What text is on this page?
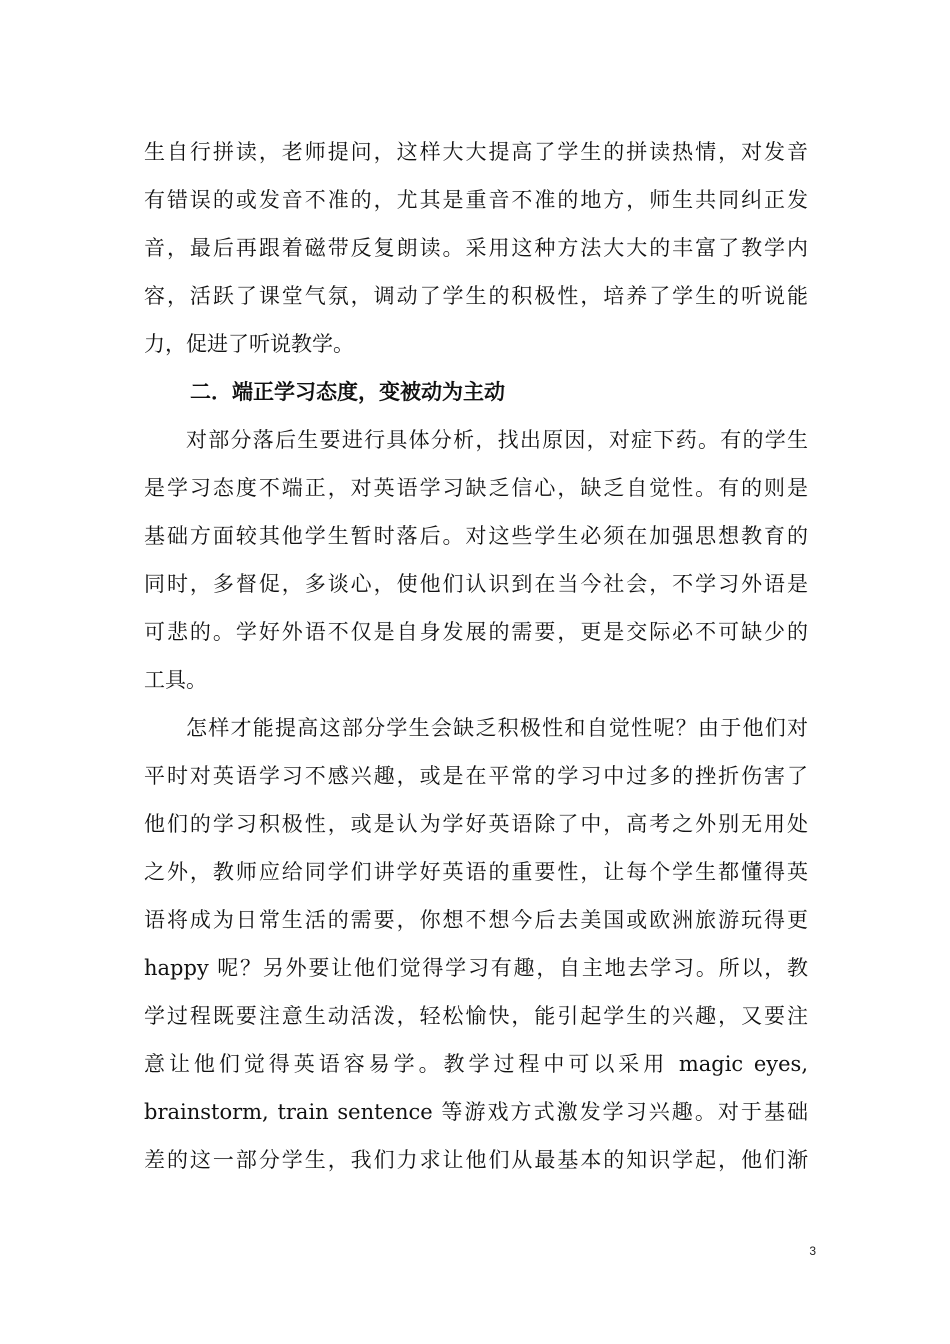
生自行拼读，老师提问，这样大大提高了学生的拼读热情，对发音
有错误的或发音不准的，尤其是重音不准的地方，师生共同纠正发
音，最后再跟着磁带反复朗读。采用这种方法大大的丰富了教学内
容，活跃了课堂气氛，调动了学生的积极性，培养了学生的听说能
力，促进了听说教学。
二．端正学习态度，变被动为主动
对部分落后生要进行具体分析，找出原因，对症下药。有的学生
是学习态度不端正，对英语学习缺乏信心，缺乏自觉性。有的则是
基础方面较其他学生暂时落后。对这些学生必须在加强思想教育的
同时，多督促，多谈心，使他们认识到在当今社会，不学习外语是
可悲的。学好外语不仅是自身发展的需要，更是交际必不可缺少的
工具。
怎样才能提高这部分学生会缺乏积极性和自觉性呢？由于他们对
平时对英语学习不感兴趣，或是在平常的学习中过多的挫折伤害了
他们的学习积极性，或是认为学好英语除了中，高考之外别无用处
之外，教师应给同学们讲学好英语的重要性，让每个学生都懂得英
语将成为日常生活的需要，你想不想今后去美国或欧洲旅游玩得更
happy 呢？另外要让他们觉得学习有趣，自主地去学习。所以，教
学过程既要注意生动活泼，轻松愉快，能引起学生的兴趣，又要注
意让他们觉得英语容易学。教学过程中可以采用 magic eyes,
brainstorm, train sentence 等游戏方式激发学习兴趣。对于基础
差的这一部分学生，我们力求让他们从最基本的知识学起，他们渐
3
